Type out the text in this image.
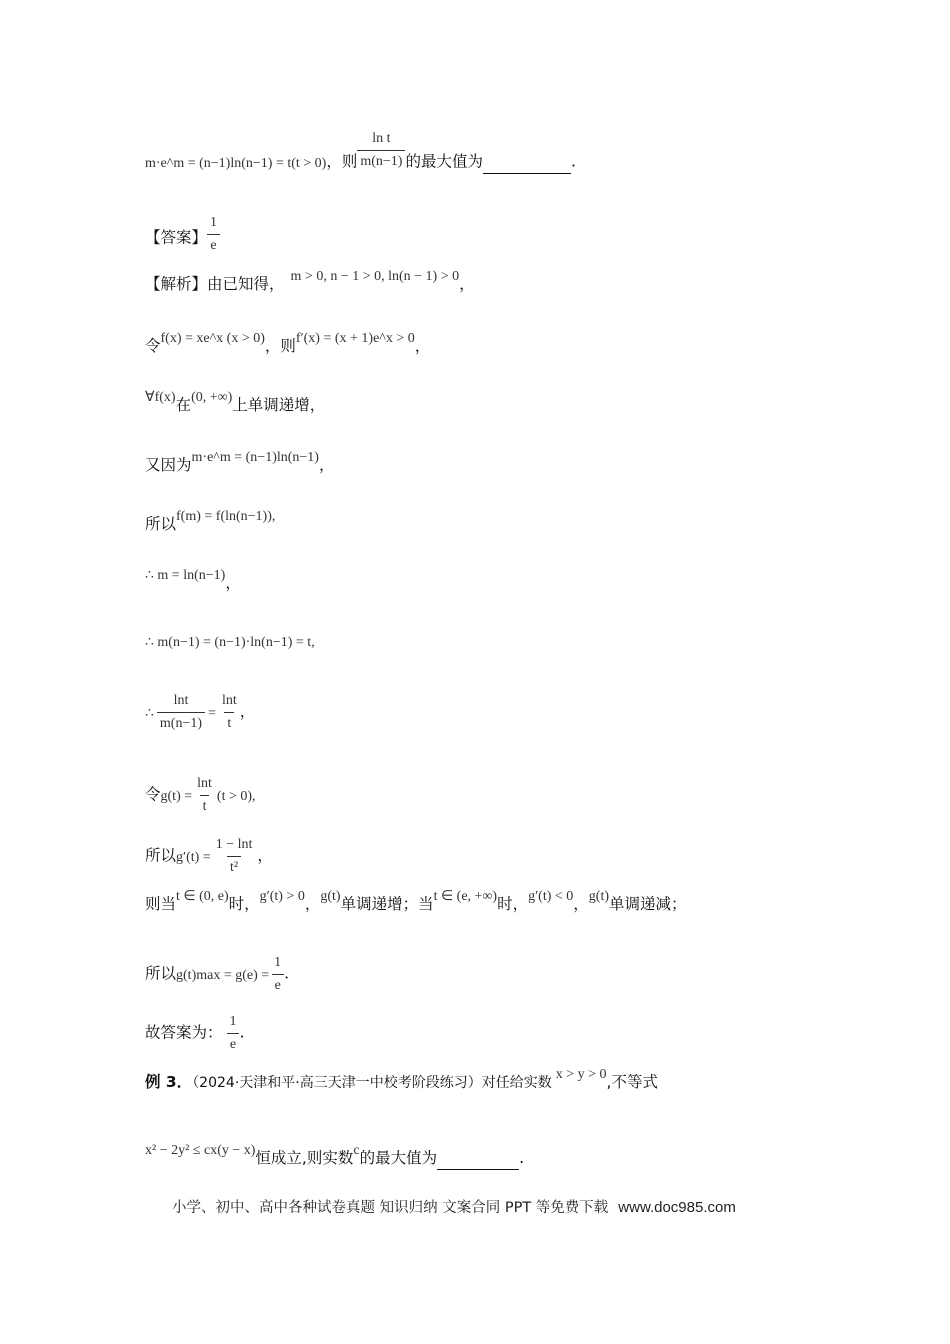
m·e^m = (n−1)ln(n−1) = t(t > 0)，则 $\frac{\text{ln t}}{m(n-1)}$ 的最大值为	.
【答案】 $\frac{1}{e}$
【解析】由已知得， m > 0, n − 1 > 0, ln(n − 1) > 0，
令f(x) = xe^x (x > 0)，则f′(x) = (x + 1)e^x > 0，
∀f(x)在(0, +∞)上单调递增，
又因为m·e^m = (n−1)ln(n−1)，
所以f(m) = f(ln(n−1)),
∴ m = ln(n−1)，
∴ m(n−1) = (n−1)·ln(n−1) = t,
∴ $\frac{\ln t}{m(n-1)} = \frac{\ln t}{t}$ ，
令$g(t) = \frac{\ln t}{t} (t > 0)$,
所以$g'(t) = \frac{1 - \ln t}{\text{t²}}$ ，
则当t ∈ (0, e)时，g′(t) > 0，g(t)单调递增；当t ∈ (e, +∞)时，g′(t) < 0，g(t)单调递减；
所以$g(t)\max = g(e) = \frac{1}{e}$ .
故答案为： $\frac{1}{e}$ .
例 3．（2024·天津和平·高三天津一中校考阶段练习）对任给实数x > y > 0,不等式
x² − 2y² ≤ cx(y − x)恒成立,则实数c的最大值为	.
小学、初中、高中各种试卷真题 知识归纳 文案合同 PPT 等免费下载 www.doc985.com
